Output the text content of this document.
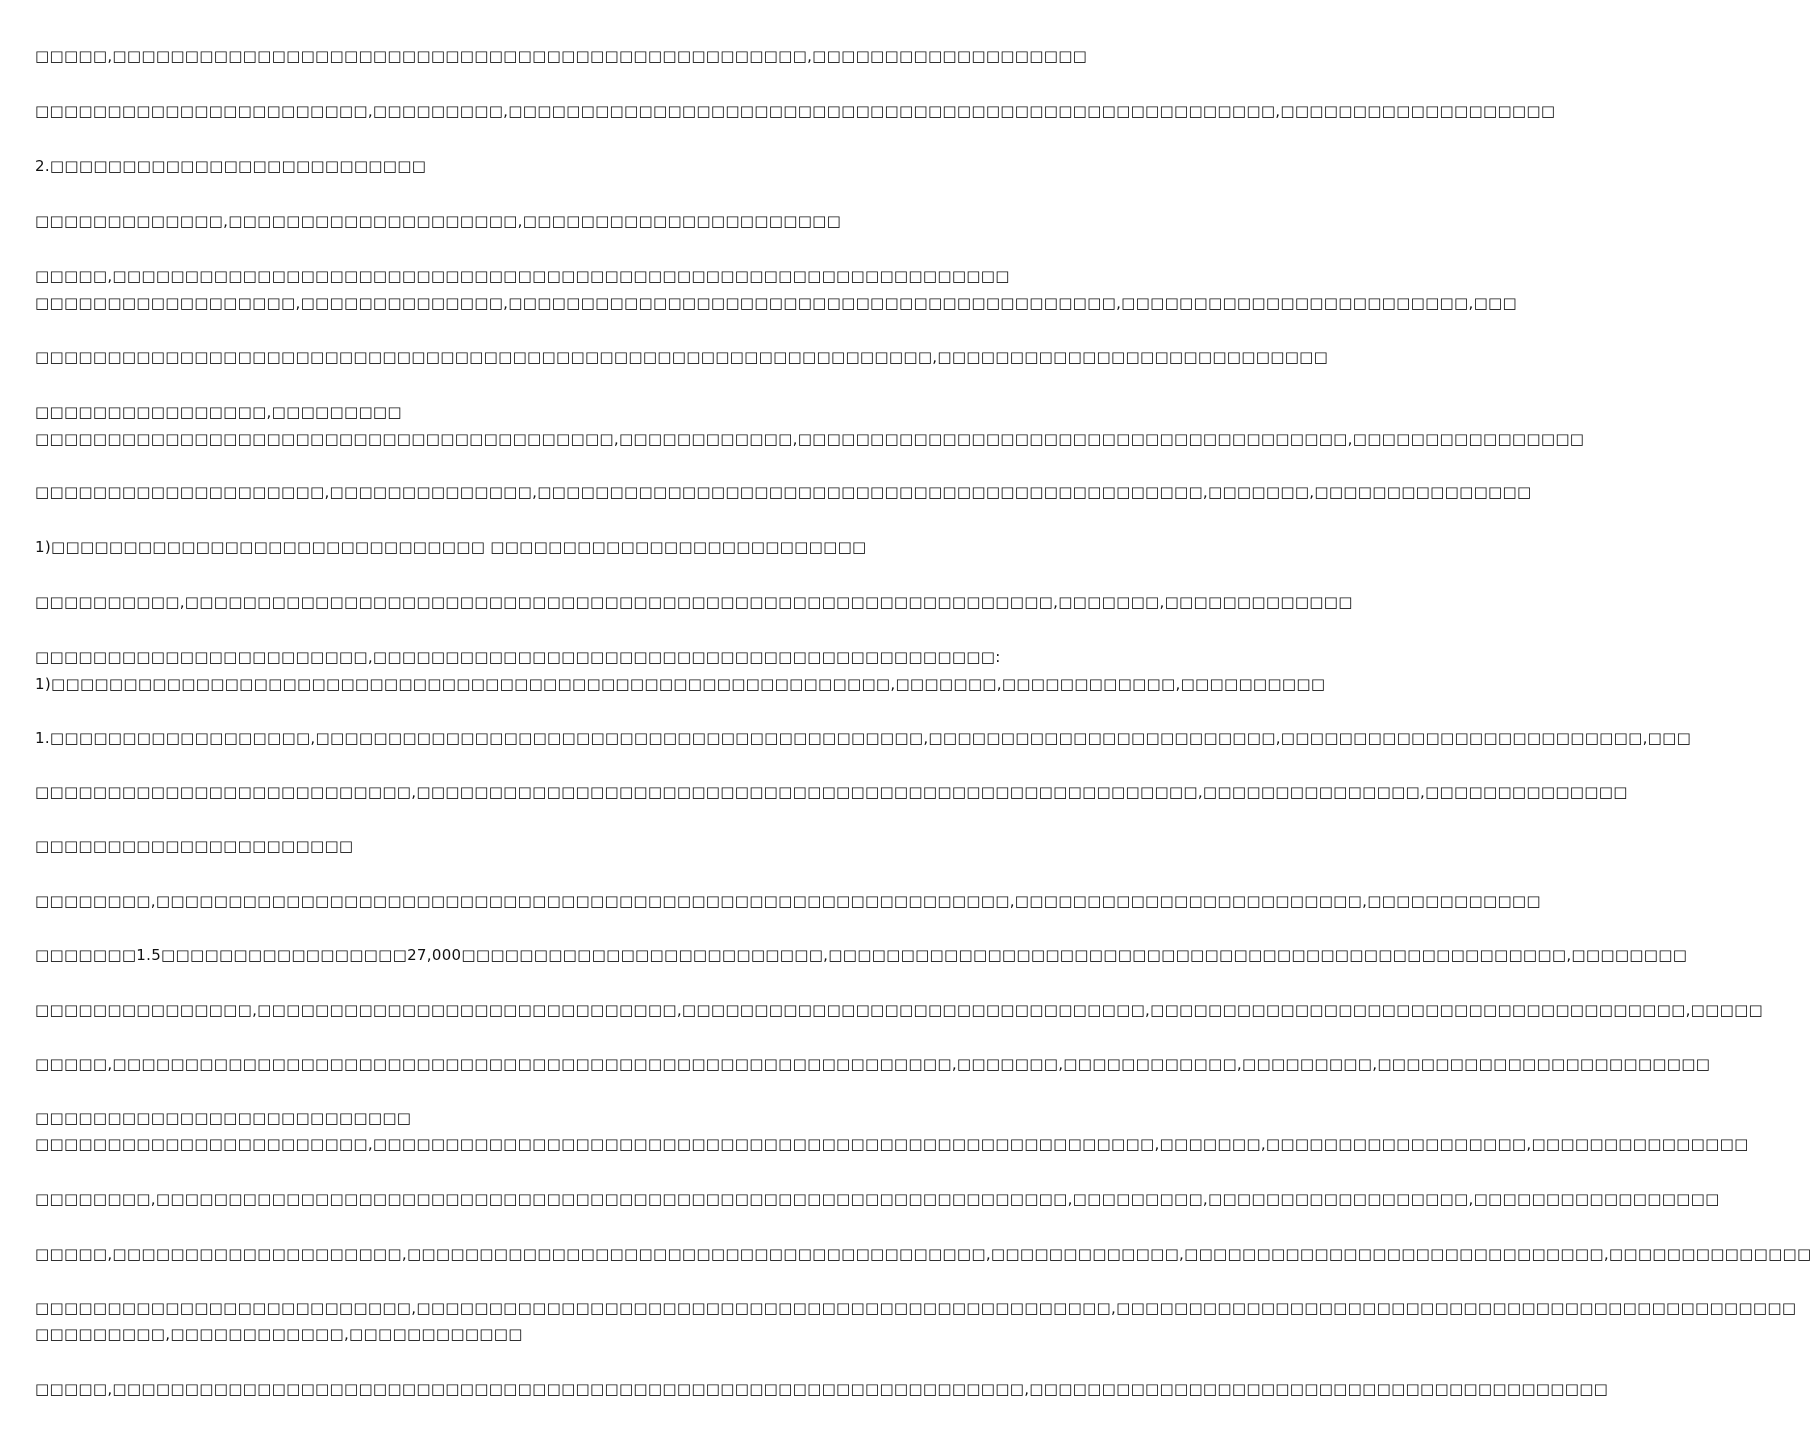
□□□□□,□□□□□□□□□□□□□□□□□□□□□□□□□□□□□□□□□□□□□□□□□□□□□□□□,□□□□□□□□□□□□□□□□□□□
□□□□□□□□□□□□□□□□□□□□□□□,□□□□□□□□□,□□□□□□□□□□□□□□□□□□□□□□□□□□□□□□□□□□□□□□□□□□□□□□□□□□□□□,□□□□□□□□□□□□□□□□□□□
2.□□□□□□□□□□□□□□□□□□□□□□□□□□
□□□□□□□□□□□□□,□□□□□□□□□□□□□□□□□□□□,□□□□□□□□□□□□□□□□□□□□□□
□□□□□,□□□□□□□□□□□□□□□□□□□□□□□□□□□□□□□□□□□□□□□□□□□□□□□□□□□□□□□□□□□□□□
□□□□□□□□□□□□□□□□□□,□□□□□□□□□□□□□□,□□□□□□□□□□□□□□□□□□□□□□□□□□□□□□□□□□□□□□□□□□,□□□□□□□□□□□□□□□□□□□□□□□□,□□□
□□□□□□□□□□□□□□□□□□□□□□□□□□□□□□□□□□□□□□□□□□□□□□□□□□□□□□□□□□□□□□,□□□□□□□□□□□□□□□□□□□□□□□□□□□
□□□□□□□□□□□□□□□□,□□□□□□□□□
□□□□□□□□□□□□□□□□□□□□□□□□□□□□□□□□□□□□□□□□,□□□□□□□□□□□□,□□□□□□□□□□□□□□□□□□□□□□□□□□□□□□□□□□□□□□,□□□□□□□□□□□□□□□□
□□□□□□□□□□□□□□□□□□□□,□□□□□□□□□□□□□□,□□□□□□□□□□□□□□□□□□□□□□□□□□□□□□□□□□□□□□□□□□□□□□,□□□□□□□,□□□□□□□□□□□□□□□
1)□□□□□□□□□□□□□□□□□□□□□□□□□□□□□□ □□□□□□□□□□□□□□□□□□□□□□□□□□
□□□□□□□□□□,□□□□□□□□□□□□□□□□□□□□□□□□□□□□□□□□□□□□□□□□□□□□□□□□□□□□□□□□□□□□,□□□□□□□,□□□□□□□□□□□□□
□□□□□□□□□□□□□□□□□□□□□□□,□□□□□□□□□□□□□□□□□□□□□□□□□□□□□□□□□□□□□□□□□□□:
1)□□□□□□□□□□□□□□□□□□□□□□□□□□□□□□□□□□□□□□□□□□□□□□□□□□□□□□□□□□,□□□□□□□,□□□□□□□□□□□□,□□□□□□□□□□
1.□□□□□□□□□□□□□□□□□□,□□□□□□□□□□□□□□□□□□□□□□□□□□□□□□□□□□□□□□□□□□,□□□□□□□□□□□□□□□□□□□□□□□□,□□□□□□□□□□□□□□□□□□□□□□□□□,□□□
□□□□□□□□□□□□□□□□□□□□□□□□□□,□□□□□□□□□□□□□□□□□□□□□□□□□□□□□□□□□□□□□□□□□□□□□□□□□□□□□□,□□□□□□□□□□□□□□□,□□□□□□□□□□□□□□
□□□□□□□□□□□□□□□□□□□□□□
□□□□□□□□,□□□□□□□□□□□□□□□□□□□□□□□□□□□□□□□□□□□□□□□□□□□□□□□□□□□□□□□□□□□,□□□□□□□□□□□□□□□□□□□□□□□□,□□□□□□□□□□□□
□□□□□□□1.5□□□□□□□□□□□□□□□□□27,000□□□□□□□□□□□□□□□□□□□□□□□□□,□□□□□□□□□□□□□□□□□□□□□□□□□□□□□□□□□□□□□□□□□□□□□□□□□□□,□□□□□□□□
□□□□□□□□□□□□□□□,□□□□□□□□□□□□□□□□□□□□□□□□□□□□□,□□□□□□□□□□□□□□□□□□□□□□□□□□□□□□□□,□□□□□□□□□□□□□□□□□□□□□□□□□□□□□□□□□□□□□,□□□□□
□□□□□,□□□□□□□□□□□□□□□□□□□□□□□□□□□□□□□□□□□□□□□□□□□□□□□□□□□□□□□□□□,□□□□□□□,□□□□□□□□□□□□,□□□□□□□□□,□□□□□□□□□□□□□□□□□□□□□□□
□□□□□□□□□□□□□□□□□□□□□□□□□□
□□□□□□□□□□□□□□□□□□□□□□□,□□□□□□□□□□□□□□□□□□□□□□□□□□□□□□□□□□□□□□□□□□□□□□□□□□□□□□,□□□□□□□,□□□□□□□□□□□□□□□□□□,□□□□□□□□□□□□□□□
□□□□□□□□,□□□□□□□□□□□□□□□□□□□□□□□□□□□□□□□□□□□□□□□□□□□□□□□□□□□□□□□□□□□□□□□,□□□□□□□□□,□□□□□□□□□□□□□□□□□□,□□□□□□□□□□□□□□□□□
□□□□□,□□□□□□□□□□□□□□□□□□□□,□□□□□□□□□□□□□□□□□□□□□□□□□□□□□□□□□□□□□□□□,□□□□□□□□□□□□□,□□□□□□□□□□□□□□□□□□□□□□□□□□□□□,□□□□□□□□□□□□□□
□□□□□□□□□□□□□□□□□□□□□□□□□□,□□□□□□□□□□□□□□□□□□□□□□□□□□□□□□□□□□□□□□□□□□□□□□□□,□□□□□□□□□□□□□□□□□□□□□□□□□□□□□□□□□□□□□□□□□□□□□□□
□□□□□□□□□,□□□□□□□□□□□□,□□□□□□□□□□□□
□□□□□,□□□□□□□□□□□□□□□□□□□□□□□□□□□□□□□□□□□□□□□□□□□□□□□□□□□□□□□□□□□□□□□,□□□□□□□□□□□□□□□□□□□□□□□□□□□□□□□□□□□□□□□□
